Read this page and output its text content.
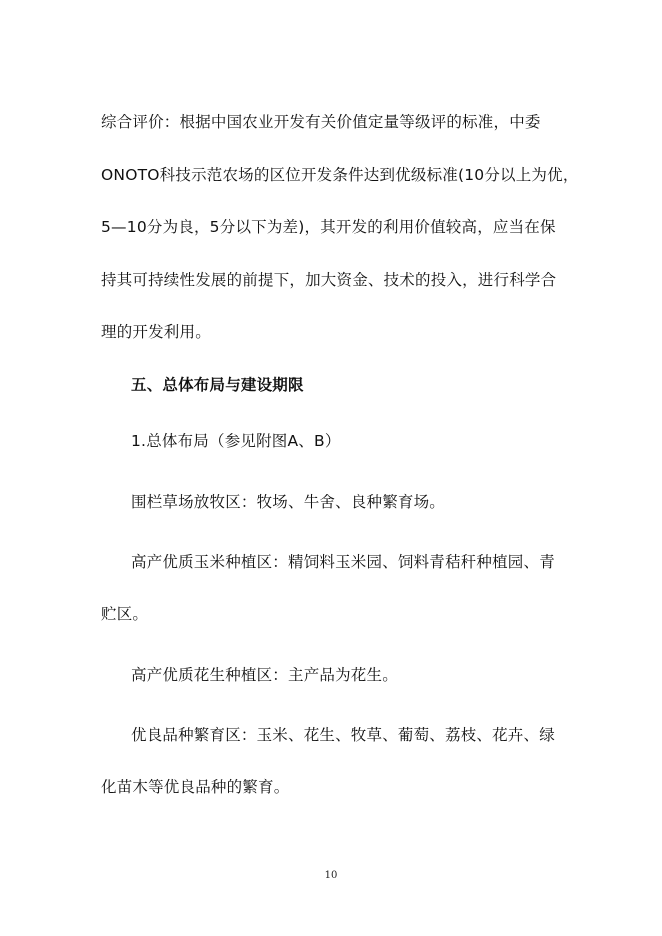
综合评价：根据中国农业开发有关价值定量等级评的标准，中委
ONOTO科技示范农场的区位开发条件达到优级标准(10分以上为优，
5—10分为良，5分以下为差)，其开发的利用价值较高，应当在保
持其可持续性发展的前提下，加大资金、技术的投入，进行科学合
理的开发利用。
五、总体布局与建设期限
1.总体布局（参见附图A、B）
围栏草场放牧区：牧场、牛舍、良种繁育场。
高产优质玉米种植区：精饲料玉米园、饲料青秸秆种植园、青
贮区。
高产优质花生种植区：主产品为花生。
优良品种繁育区：玉米、花生、牧草、葡萄、荔枝、花卉、绿
化苗木等优良品种的繁育。
10
